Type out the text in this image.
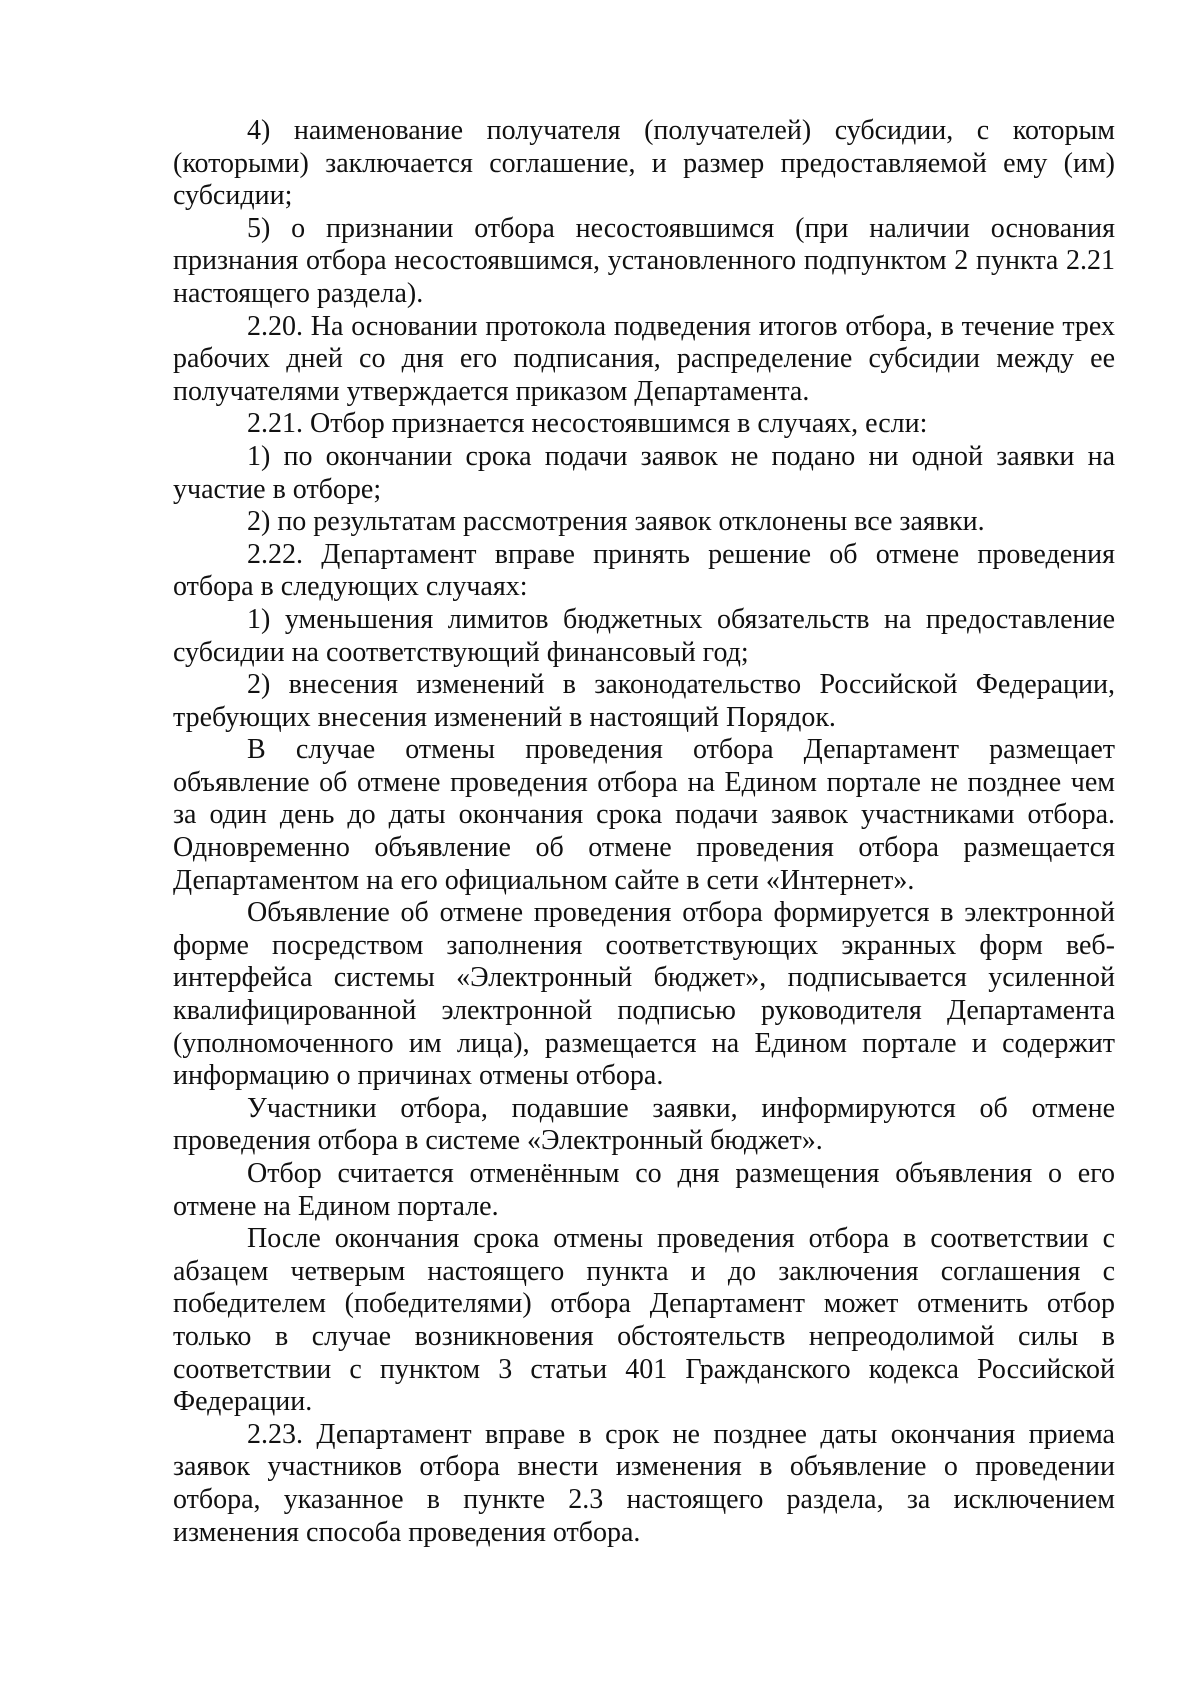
4) наименование получателя (получателей) субсидии, с которым (которыми) заключается соглашение, и размер предоставляемой ему (им) субсидии;

5) о признании отбора несостоявшимся (при наличии основания признания отбора несостоявшимся, установленного подпунктом 2 пункта 2.21 настоящего раздела).

2.20. На основании протокола подведения итогов отбора, в течение трех рабочих дней со дня его подписания, распределение субсидии между ее получателями утверждается приказом Департамента.

2.21. Отбор признается несостоявшимся в случаях, если:

1) по окончании срока подачи заявок не подано ни одной заявки на участие в отборе;

2) по результатам рассмотрения заявок отклонены все заявки.

2.22. Департамент вправе принять решение об отмене проведения отбора в следующих случаях:

1) уменьшения лимитов бюджетных обязательств на предоставление субсидии на соответствующий финансовый год;

2) внесения изменений в законодательство Российской Федерации, требующих внесения изменений в настоящий Порядок.

В случае отмены проведения отбора Департамент размещает объявление об отмене проведения отбора на Едином портале не позднее чем за один день до даты окончания срока подачи заявок участниками отбора. Одновременно объявление об отмене проведения отбора размещается Департаментом на его официальном сайте в сети «Интернет».

Объявление об отмене проведения отбора формируется в электронной форме посредством заполнения соответствующих экранных форм веб-интерфейса системы «Электронный бюджет», подписывается усиленной квалифицированной электронной подписью руководителя Департамента (уполномоченного им лица), размещается на Едином портале и содержит информацию о причинах отмены отбора.

Участники отбора, подавшие заявки, информируются об отмене проведения отбора в системе «Электронный бюджет».

Отбор считается отменённым со дня размещения объявления о его отмене на Едином портале.

После окончания срока отмены проведения отбора в соответствии с абзацем четверым настоящего пункта и до заключения соглашения с победителем (победителями) отбора Департамент может отменить отбор только в случае возникновения обстоятельств непреодолимой силы в соответствии с пунктом 3 статьи 401 Гражданского кодекса Российской Федерации.

2.23. Департамент вправе в срок не позднее даты окончания приема заявок участников отбора внести изменения в объявление о проведении отбора, указанное в пункте 2.3 настоящего раздела, за исключением изменения способа проведения отбора.
